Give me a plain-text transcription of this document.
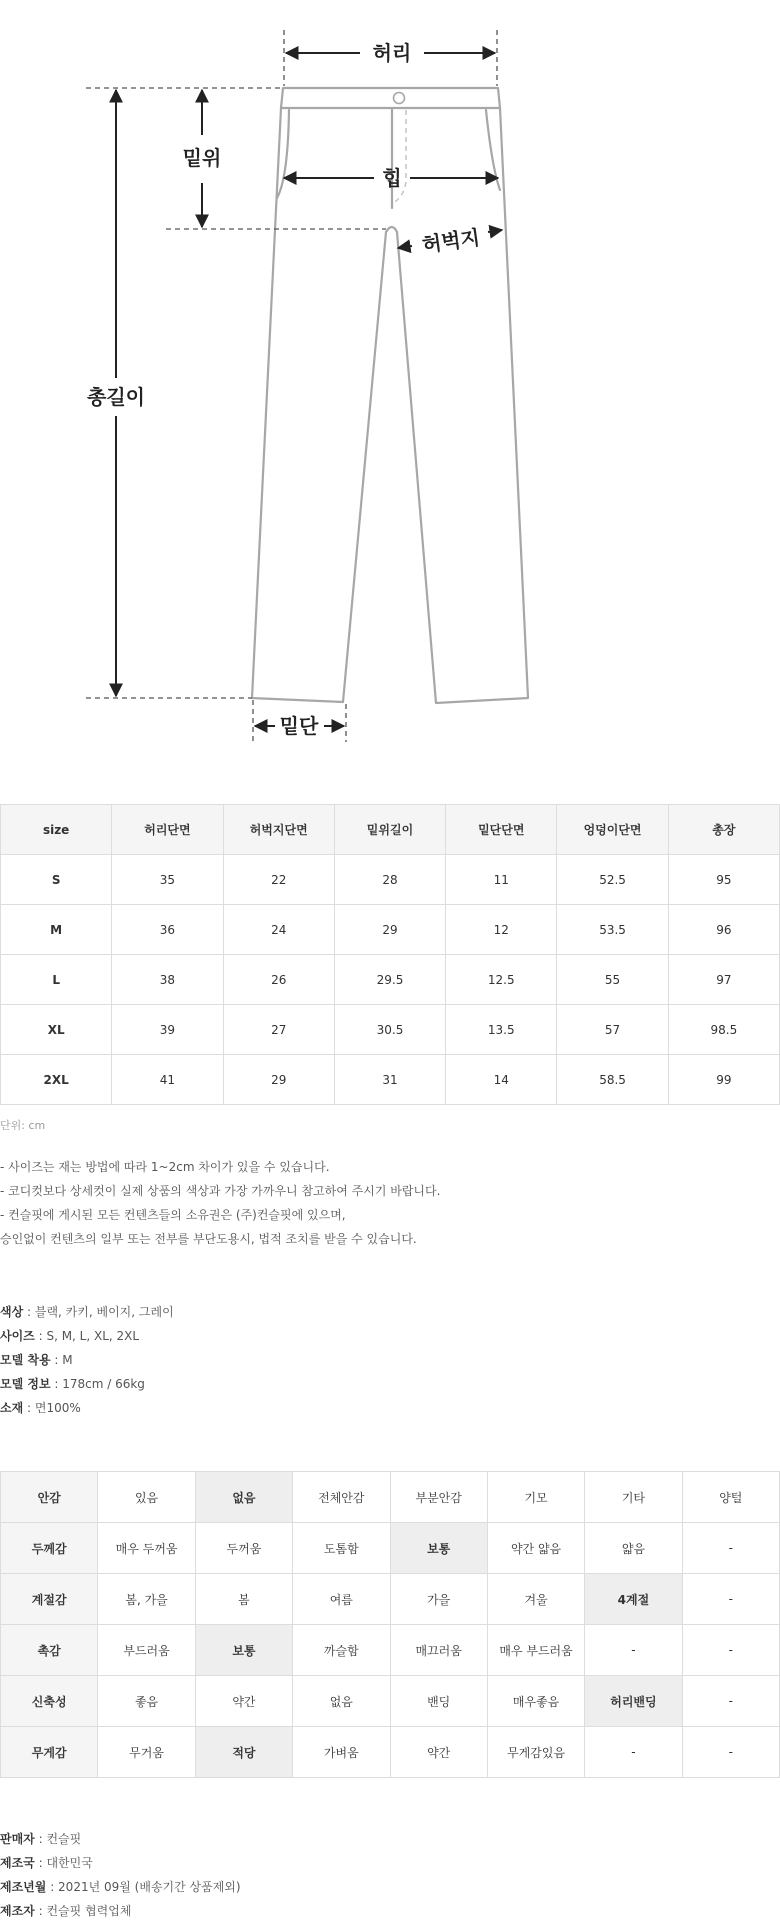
허리
밑위
힙
허벅지
총길이
밑단
size	허리단면	허벅지단면	밑위길이	밑단단면	엉덩이단면	총장
S	35	22	28	11	52.5	95
M	36	24	29	12	53.5	96
L	38	26	29.5	12.5	55	97
XL	39	27	30.5	13.5	57	98.5
2XL	41	29	31	14	58.5	99
단위: cm

- 사이즈는 재는 방법에 따라 1~2cm 차이가 있을 수 있습니다.

- 코디컷보다 상세컷이 실제 상품의 색상과 가장 가까우니 참고하여 주시기 바랍니다.

- 컨슬핏에 게시된 모든 컨텐츠들의 소유권은 (주)컨슬핏에 있으며,

승인없이 컨텐츠의 일부 또는 전부를 부단도용시, 법적 조치를 받을 수 있습니다.

색상 : 블랙, 카키, 베이지, 그레이

사이즈 : S, M, L, XL, 2XL

모델 착용 : M

모델 정보 : 178cm / 66kg

소재 : 면100%

안감	있음	없음	전체안감	부분안감	기모	기타	양털
두께감	매우 두꺼움	두꺼움	도톰함	보통	약간 얇음	얇음	-
계절감	봄, 가을	봄	여름	가을	겨울	4계절	-
촉감	부드러움	보통	까슬함	매끄러움	매우 부드러움	-	-
신축성	좋음	약간	없음	밴딩	매우좋음	허리밴딩	-
무게감	무거움	적당	가벼움	약간	무게감있음	-	-

판매자 : 컨슬핏

제조국 : 대한민국

제조년월 : 2021년 09월 (배송기간 상품제외)

제조자 : 컨슬핏 협력업체
